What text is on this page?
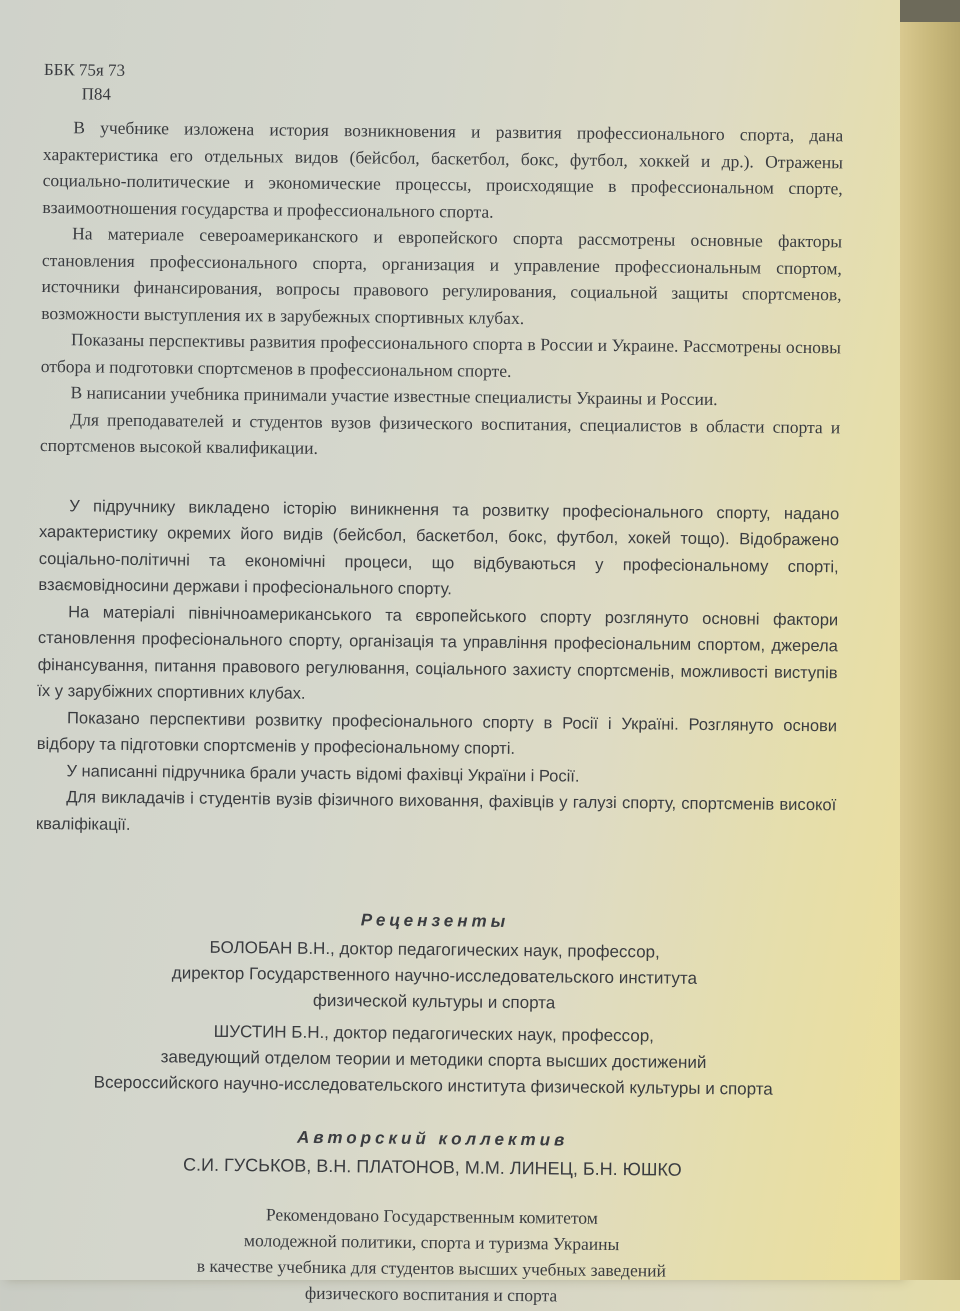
ББК 75я 73

П84

В учебнике изложена история возникновения и развития профессионального спорта, дана характеристика его отдельных видов (бейсбол, баскетбол, бокс, футбол, хоккей и др.). Отражены социально-политические и экономические процессы, происходящие в профессиональном спорте, взаимоотношения государства и профессионального спорта.

На материале североамериканского и европейского спорта рассмотрены основные факторы становления профессионального спорта, организация и управление профессиональным спортом, источники финансирования, вопросы правового регулирования, социальной защиты спортсменов, возможности выступления их в зарубежных спортивных клубах.

Показаны перспективы развития профессионального спорта в России и Украине. Рассмотрены основы отбора и подготовки спортсменов в профессиональном спорте.

В написании учебника принимали участие известные специалисты Украины и России.

Для преподавателей и студентов вузов физического воспитания, специалистов в области спорта и спортсменов высокой квалификации.

У підручнику викладено історію виникнення та розвитку професіонального спорту, надано характеристику окремих його видів (бейсбол, баскетбол, бокс, футбол, хокей тощо). Відображено соціально-політичні та економічні процеси, що відбуваються у професіональному спорті, взаємовідносини держави і професіонального спорту.

На матеріалі північноамериканського та європейського спорту розглянуто основні фактори становлення професіонального спорту, організація та управління професіональним спортом, джерела фінансування, питання правового регулювання, соціального захисту спортсменів, можливості виступів їх у зарубіжних спортивних клубах.

Показано перспективи розвитку професіонального спорту в Росії і Україні. Розглянуто основи відбору та підготовки спортсменів у професіональному спорті.

У написанні підручника брали участь відомі фахівці України і Росії.

Для викладачів і студентів вузів фізичного виховання, фахівців у галузі спорту, спортсменів високої кваліфікації.

Рецензенты

БОЛОБАН В.Н., доктор педагогических наук, профессор,

директор Государственного научно-исследовательского института

физической культуры и спорта

ШУСТИН Б.Н., доктор педагогических наук, профессор,

заведующий отделом теории и методики спорта высших достижений

Всероссийского научно-исследовательского института физической культуры и спорта

Авторский коллектив

С.И. ГУСЬКОВ, В.Н. ПЛАТОНОВ, М.М. ЛИНЕЦ, Б.Н. ЮШКО

Рекомендовано Государственным комитетом

молодежной политики, спорта и туризма Украины

в качестве учебника для студентов высших учебных заведений

физического воспитания и спорта
